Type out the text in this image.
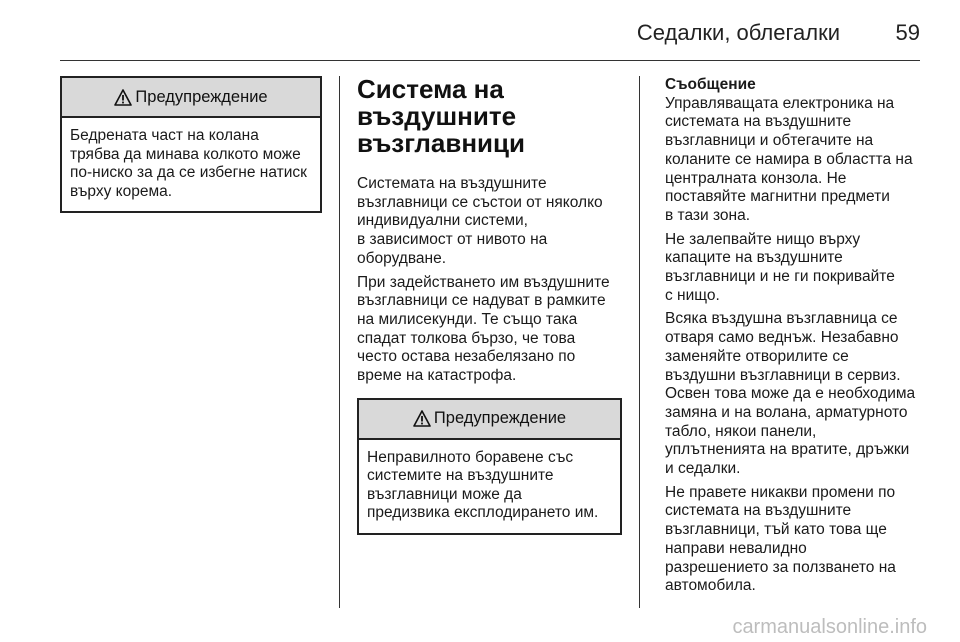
Седалки, облегалки	59
Предупреждение
Бедрената част на колана
трябва да минава колкото може
по-ниско за да се избегне натиск
върху корема.
Система на
въздушните
възглавници

Системата на въздушните
възглавници се състои от няколко
индивидуални системи,
в зависимост от нивото на
оборудване.

При задействането им въздушните
възглавници се надуват в рамките
на милисекунди. Те също така
спадат толкова бързо, че това
често остава незабелязано по
време на катастрофа.

Предупреждение
Неправилното боравене със
системите на въздушните
възглавници може да
предизвика експлодирането им.

Съобщение

Управляващата електроника на
системата на въздушните
възглавници и обтегачите на
коланите се намира в областта на
централната конзола. Не
поставяйте магнитни предмети
в тази зона.

Не залепвайте нищо върху
капаците на въздушните
възглавници и не ги покривайте
с нищо.

Всяка въздушна възглавница се
отваря само веднъж. Незабавно
заменяйте отворилите се
въздушни възглавници в сервиз.
Освен това може да е необходима
замяна и на волана, арматурното
табло, някои панели,
уплътненията на вратите, дръжки
и седалки.

Не правете никакви промени по
системата на въздушните
възглавници, тъй като това ще
направи невалидно
разрешението за ползването на
автомобила.

carmanualsonline.info
